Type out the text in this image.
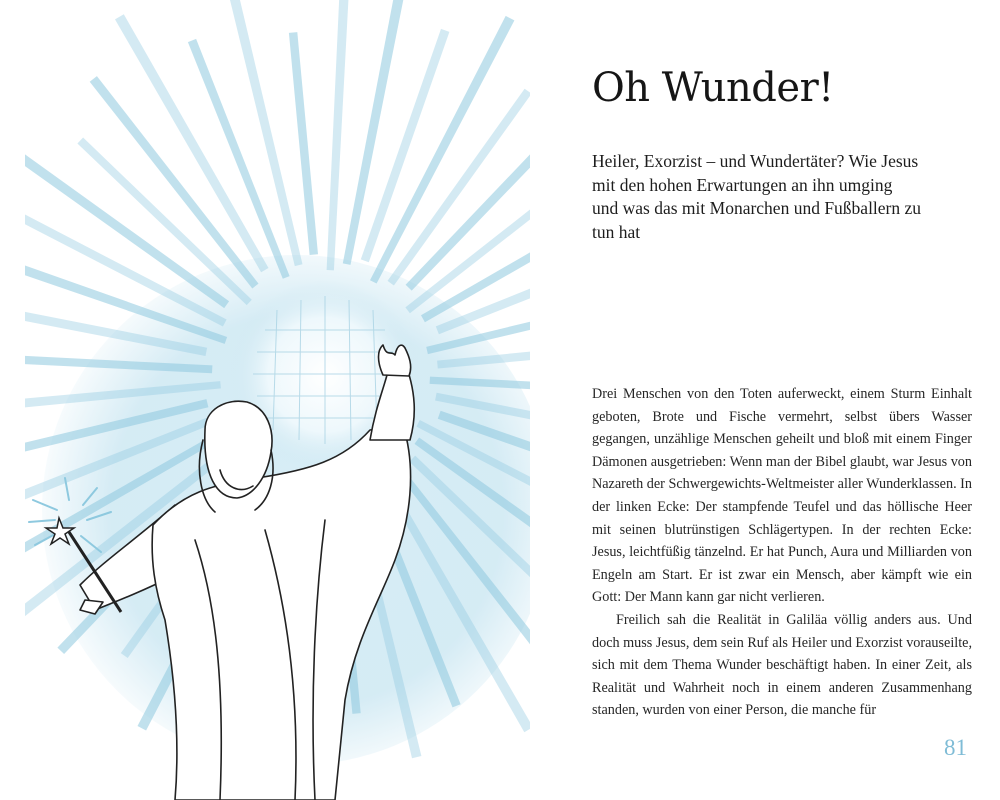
Oh Wunder!

Heiler, Exorzist – und Wundertäter? Wie Jesus mit den hohen Erwartungen an ihn umging und was das mit Monarchen und Fußballern zu tun hat

Drei Menschen von den Toten auferweckt, einem Sturm Einhalt geboten, Brote und Fische vermehrt, selbst übers Wasser gegangen, unzählige Menschen geheilt und bloß mit einem Finger Dämonen ausgetrieben: Wenn man der Bibel glaubt, war Jesus von Nazareth der Schwergewichts-Weltmeister aller Wunderklassen. In der linken Ecke: Der stampfende Teufel und das höllische Heer mit seinen blutrünstigen Schlägertypen. In der rechten Ecke: Jesus, leichtfüßig tänzelnd. Er hat Punch, Aura und Milliarden von Engeln am Start. Er ist zwar ein Mensch, aber kämpft wie ein Gott: Der Mann kann gar nicht verlieren.

Freilich sah die Realität in Galiläa völlig anders aus. Und doch muss Jesus, dem sein Ruf als Heiler und Exorzist vorauseilte, sich mit dem Thema Wunder beschäftigt haben. In einer Zeit, als Realität und Wahrheit noch in einem anderen Zusammenhang standen, wurden von einer Person, die manche für

81
